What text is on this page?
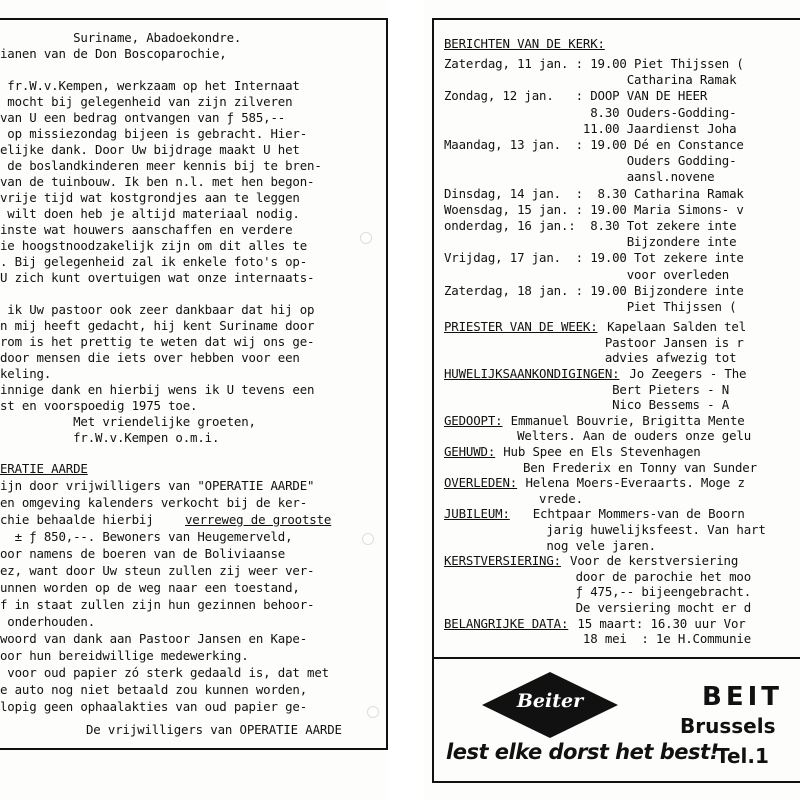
Suriname, Abadoekondre.
ianen van de Don Boscoparochie,
fr.W.v.Kempen, werkzaam op het Internaat
mocht bij gelegenheid van zijn zilveren
van U een bedrag ontvangen van ƒ 585,--
op missiezondag bijeen is gebracht. Hier-
elijke dank. Door Uw bijdrage maakt U het
de boslandkinderen meer kennis bij te bren-
van de tuinbouw. Ik ben n.l. met hen begon-
vrije tijd wat kostgrondjes aan te leggen
wilt doen heb je altijd materiaal nodig.
inste wat houwers aanschaffen en verdere
ie hoogstnoodzakelijk zijn om dit alles te
. Bij gelegenheid zal ik enkele foto's op-
U zich kunt overtuigen wat onze internaats-
ik Uw pastoor ook zeer dankbaar dat hij op
n mij heeft gedacht, hij kent Suriname door
rom is het prettig te weten dat wij ons ge-
door mensen die iets over hebben voor een
keling.
innige dank en hierbij wens ik U tevens een
st en voorspoedig 1975 toe.
Met vriendelijke groeten,
fr.W.v.Kempen o.m.i.
ERATIE AARDE
ijn door vrijwilligers van "OPERATIE AARDE"
en omgeving kalenders verkocht bij de ker-
chie behaalde hierbij verreweg de grootste
± ƒ 850,--. Bewoners van Heugemerveld,
oor namens de boeren van de Boliviaanse
ez, want door Uw steun zullen zij weer ver-
unnen worden op de weg naar een toestand,
f in staat zullen zijn hun gezinnen behoor-
onderhouden.
woord van dank aan Pastoor Jansen en Kape-
oor hun bereidwillige medewerking.
voor oud papier zó sterk gedaald is, dat met
e auto nog niet betaald zou kunnen worden,
lopig geen ophaalakties van oud papier ge-
De vrijwilligers van OPERATIE AARDE
BERICHTEN VAN DE KERK:
Zaterdag, 11 jan. : 19.00 Piet Thijssen (
Catharina Ramak
Zondag, 12 jan.   : DOOP VAN DE HEER
8.30 Ouders-Godding-
11.00 Jaardienst Joha
Maandag, 13 jan.  : 19.00 Dé en Constance
Ouders Godding-
aansl.novene
Dinsdag, 14 jan.  :  8.30 Catharina Ramak
Woensdag, 15 jan. : 19.00 Maria Simons- v
onderdag, 16 jan.:  8.30 Tot zekere inte
Bijzondere inte
Vrijdag, 17 jan.  : 19.00 Tot zekere inte
voor overleden
Zaterdag, 18 jan. : 19.00 Bijzondere inte
Piet Thijssen (
PRIESTER VAN DE WEEK: Kapelaan Salden tel
Pastoor Jansen is r
advies afwezig tot
HUWELIJKSAANKONDIGINGEN: Jo Zeegers - The
Bert Pieters - N
Nico Bessems - A
GEDOOPT: Emmanuel Bouvrie, Brigitta Mente
Welters. Aan de ouders onze gelu
GEHUWD: Hub Spee en Els Stevenhagen
Ben Frederix en Tonny van Sunder
OVERLEDEN: Helena Moers-Everaarts. Moge z
vrede.
JUBILEUM: Echtpaar Mommers-van de Boorn
jarig huwelijksfeest. Van hart
nog vele jaren.
KERSTVERSIERING: Voor de kerstversiering
door de parochie het moo
ƒ 475,-- bijeengebracht.
De versiering mocht er d
BELANGRIJKE DATA: 15 maart: 16.30 uur Vor
18 mei  : 1e H.Communie
Beiter
lest elke dorst het best!
BEIT
Brussels
Tel.1
